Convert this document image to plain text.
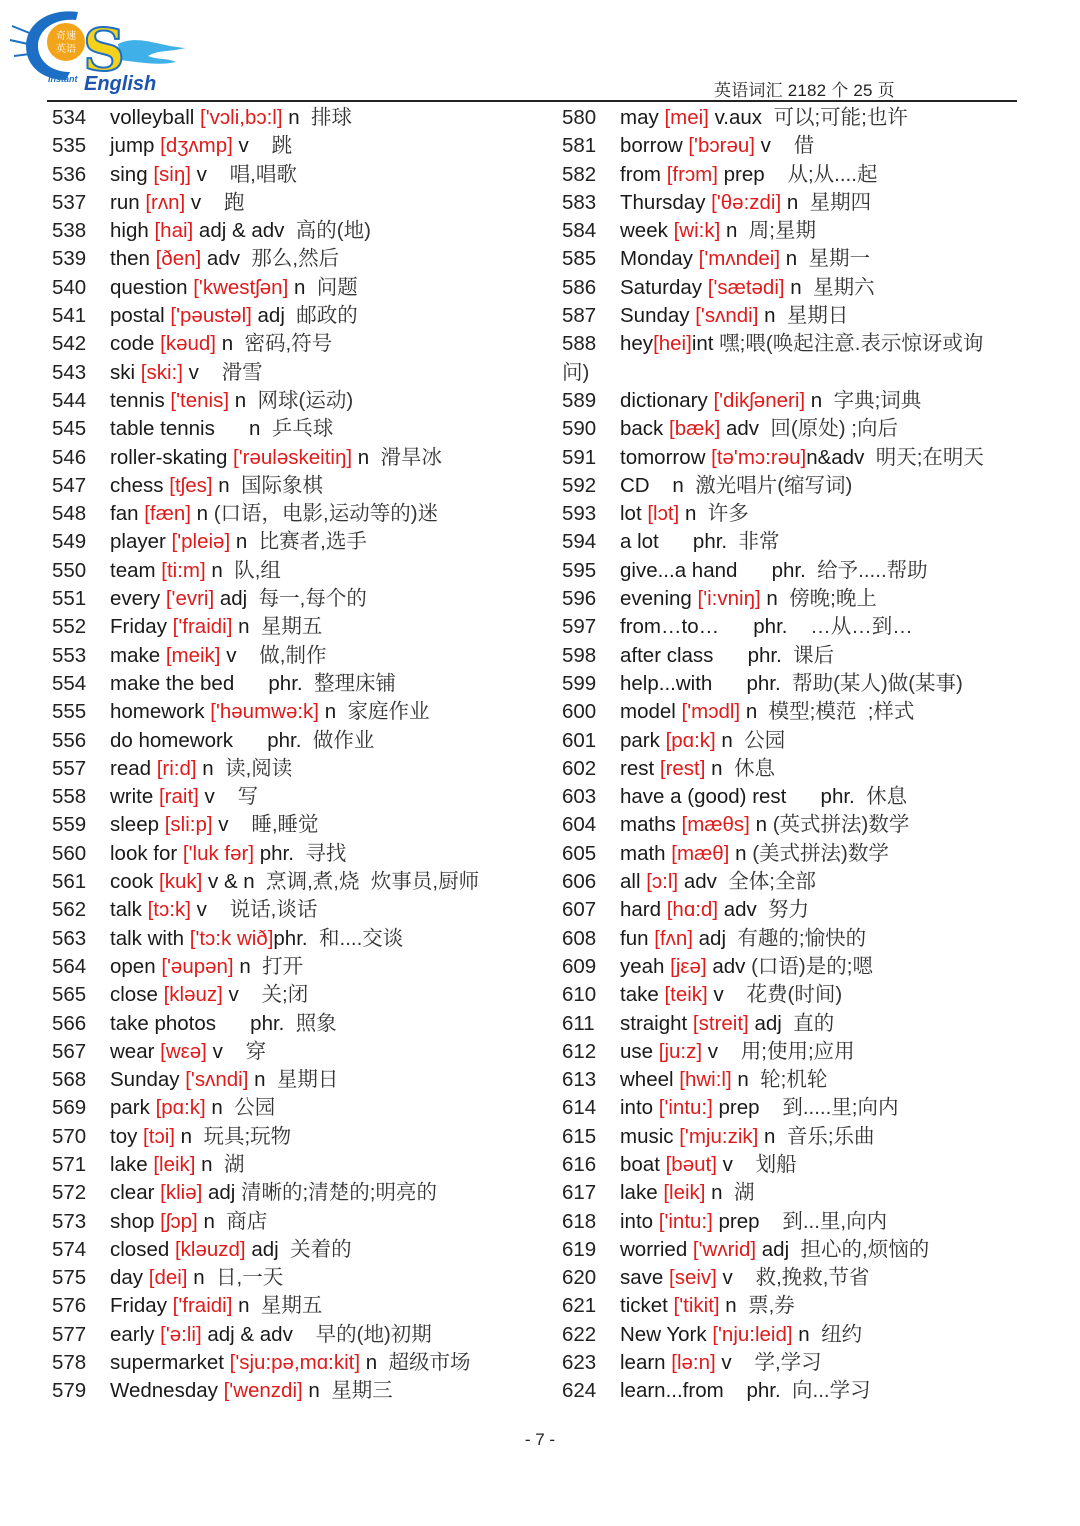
奇速
英语 S
Instant English	英语词汇 2182 个 25 页
534 volleyball ['vɔli,bɔ:l] n  排球
535 jump [dʒʌmp] v    跳
536 sing [siŋ] v    唱,唱歌
537 run [rʌn] v    跑
538 high [hai] adj & adv  高的(地)
539 then [ðen] adv  那么,然后
540 question ['kwestʃən] n  问题
541 postal ['pəustəl] adj  邮政的
542 code [kəud] n  密码,符号
543 ski [ski:] v    滑雪
544 tennis ['tenis] n  网球(运动)
545 table tennis      n  乒乓球
546 roller-skating ['rəuləskeitiŋ] n  滑旱冰
547 chess [tʃes] n  国际象棋
548 fan [fæn] n (口语，电影,运动等的)迷
549 player ['pleiə] n  比赛者,选手
550 team [ti:m] n  队,组
551 every ['evri] adj  每一,每个的
552 Friday ['fraidi] n  星期五
553 make [meik] v    做,制作
554 make the bed      phr.  整理床铺
555 homework ['həumwə:k] n  家庭作业
556 do homework      phr.  做作业
557 read [ri:d] n  读,阅读
558 write [rait] v    写
559 sleep [sli:p] v    睡,睡觉
560 look for ['luk fər] phr.  寻找
561 cook [kuk] v & n  烹调,煮,烧  炊事员,厨师
562 talk [tɔ:k] v    说话,谈话
563 talk with ['tɔ:k wið]phr.  和....交谈
564 open ['əupən] n  打开
565 close [kləuz] v    关;闭
566 take photos      phr.  照象
567 wear [wεə] v    穿
568 Sunday ['sʌndi] n  星期日
569 park [pɑ:k] n  公园
570 toy [tɔi] n  玩具;玩物
571 lake [leik] n  湖
572 clear [kliə] adj 清晰的;清楚的;明亮的
573 shop [ʃɔp] n  商店
574 closed [kləuzd] adj  关着的
575 day [dei] n  日,一天
576 Friday ['fraidi] n  星期五
577 early ['ə:li] adj & adv    早的(地)初期
578 supermarket ['sju:pə,mɑ:kit] n  超级市场
579 Wednesday ['wenzdi] n  星期三
580 may [mei] v.aux  可以;可能;也许
581 borrow ['bɔrəu] v    借
582 from [frɔm] prep    从;从....起
583 Thursday ['θə:zdi] n  星期四
584 week [wi:k] n  周;星期
585 Monday ['mʌndei] n  星期一
586 Saturday ['sætədi] n  星期六
587 Sunday ['sʌndi] n  星期日
588 hey[hei]int 嘿;喂(唤起注意.表示惊讶或询
问)
589 dictionary ['dikʃəneri] n  字典;词典
590 back [bæk] adv  回(原处) ;向后
591 tomorrow [tə'mɔ:rəu]n&adv  明天;在明天
592 CD    n  激光唱片(缩写词)
593 lot [lɔt] n  许多
594 a lot      phr.  非常
595 give...a hand      phr.  给予.....帮助
596 evening ['i:vniŋ] n  傍晚;晚上
597 from…to…      phr.    …从…到…
598 after class      phr.  课后
599 help...with      phr.  帮助(某人)做(某事)
600 model ['mɔdl] n  模型;模范  ;样式
601 park [pɑ:k] n  公园
602 rest [rest] n  休息
603 have a (good) rest      phr.  休息
604 maths [mæθs] n (英式拼法)数学
605 math [mæθ] n (美式拼法)数学
606 all [ɔ:l] adv  全体;全部
607 hard [hɑ:d] adv  努力
608 fun [fʌn] adj  有趣的;愉快的
609 yeah [jεə] adv (口语)是的;嗯
610 take [teik] v    花费(时间)
611 straight [streit] adj  直的
612 use [ju:z] v    用;使用;应用
613 wheel [hwi:l] n  轮;机轮
614 into ['intu:] prep    到.....里;向内
615 music ['mju:zik] n  音乐;乐曲
616 boat [bəut] v    划船
617 lake [leik] n  湖
618 into ['intu:] prep    到...里,向内
619 worried ['wʌrid] adj  担心的,烦恼的
620 save [seiv] v    救,挽救,节省
621 ticket ['tikit] n  票,券
622 New York ['nju:leid] n  纽约
623 learn [lə:n] v    学,学习
624 learn...from    phr.  向...学习
- 7 -
